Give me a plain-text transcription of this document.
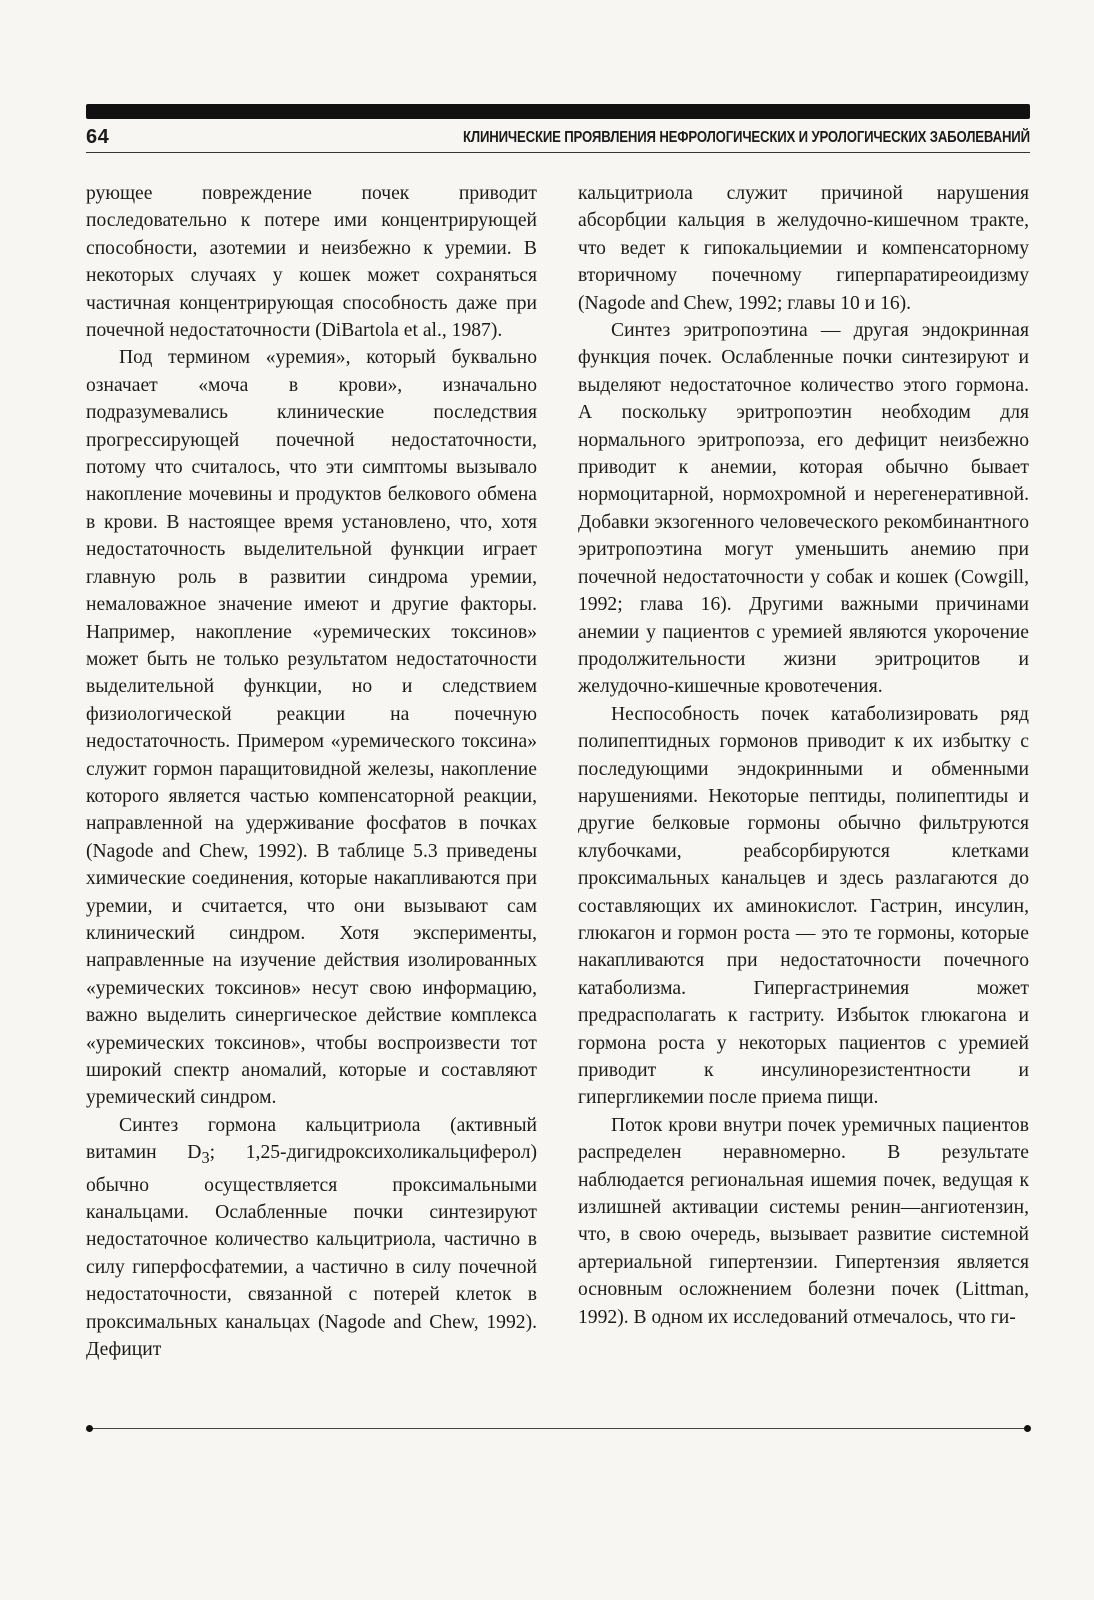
64	КЛИНИЧЕСКИЕ ПРОЯВЛЕНИЯ НЕФРОЛОГИЧЕСКИХ И УРОЛОГИЧЕСКИХ ЗАБОЛЕВАНИЙ

рующее повреждение почек приводит последовательно к потере ими концентрирующей способности, азотемии и неизбежно к уремии. В некоторых случаях у кошек может сохраняться частичная концентрирующая способность даже при почечной недостаточности (DiBartola et al., 1987).

Под термином «уремия», который буквально означает «моча в крови», изначально подразумевались клинические последствия прогрессирующей почечной недостаточности, потому что считалось, что эти симптомы вызывало накопление мочевины и продуктов белкового обмена в крови. В настоящее время установлено, что, хотя недостаточность выделительной функции играет главную роль в развитии синдрома уремии, немаловажное значение имеют и другие факторы. Например, накопление «уремических токсинов» может быть не только результатом недостаточности выделительной функции, но и следствием физиологической реакции на почечную недостаточность. Примером «уремического токсина» служит гормон паращитовидной железы, накопление которого является частью компенсаторной реакции, направленной на удерживание фосфатов в почках (Nagode and Chew, 1992). В таблице 5.3 приведены химические соединения, которые накапливаются при уремии, и считается, что они вызывают сам клинический синдром. Хотя эксперименты, направленные на изучение действия изолированных «уремических токсинов» несут свою информацию, важно выделить синергическое действие комплекса «уремических токсинов», чтобы воспроизвести тот широкий спектр аномалий, которые и составляют уремический синдром.

Синтез гормона кальцитриола (активный витамин $D_3$; 1,25-дигидроксихоликальциферол) обычно осуществляется проксимальными канальцами. Ослабленные почки синтезируют недостаточное количество кальцитриола, частично в силу гиперфосфатемии, а частично в силу почечной недостаточности, связанной с потерей клеток в проксимальных канальцах (Nagode and Chew, 1992). Дефицит

кальцитриола служит причиной нарушения абсорбции кальция в желудочно-кишечном тракте, что ведет к гипокальциемии и компенсаторному вторичному почечному гиперпаратиреоидизму (Nagode and Chew, 1992; главы 10 и 16).

Синтез эритропоэтина — другая эндокринная функция почек. Ослабленные почки синтезируют и выделяют недостаточное количество этого гормона. А поскольку эритропоэтин необходим для нормального эритропоэза, его дефицит неизбежно приводит к анемии, которая обычно бывает нормоцитарной, нормохромной и нерегенеративной. Добавки экзогенного человеческого рекомбинантного эритропоэтина могут уменьшить анемию при почечной недостаточности у собак и кошек (Cowgill, 1992; глава 16). Другими важными причинами анемии у пациентов с уремией являются укорочение продолжительности жизни эритроцитов и желудочно-кишечные кровотечения.

Неспособность почек катаболизировать ряд полипептидных гормонов приводит к их избытку с последующими эндокринными и обменными нарушениями. Некоторые пептиды, полипептиды и другие белковые гормоны обычно фильтруются клубочками, реабсорбируются клетками проксимальных канальцев и здесь разлагаются до составляющих их аминокислот. Гастрин, инсулин, глюкагон и гормон роста — это те гормоны, которые накапливаются при недостаточности почечного катаболизма. Гипергастринемия может предрасполагать к гастриту. Избыток глюкагона и гормона роста у некоторых пациентов с уремией приводит к инсулинорезистентности и гипергликемии после приема пищи.

Поток крови внутри почек уремичных пациентов распределен неравномерно. В результате наблюдается региональная ишемия почек, ведущая к излишней активации системы ренин—ангиотензин, что, в свою очередь, вызывает развитие системной артериальной гипертензии. Гипертензия является основным осложнением болезни почек (Littman, 1992). В одном их исследований отмечалось, что ги-
